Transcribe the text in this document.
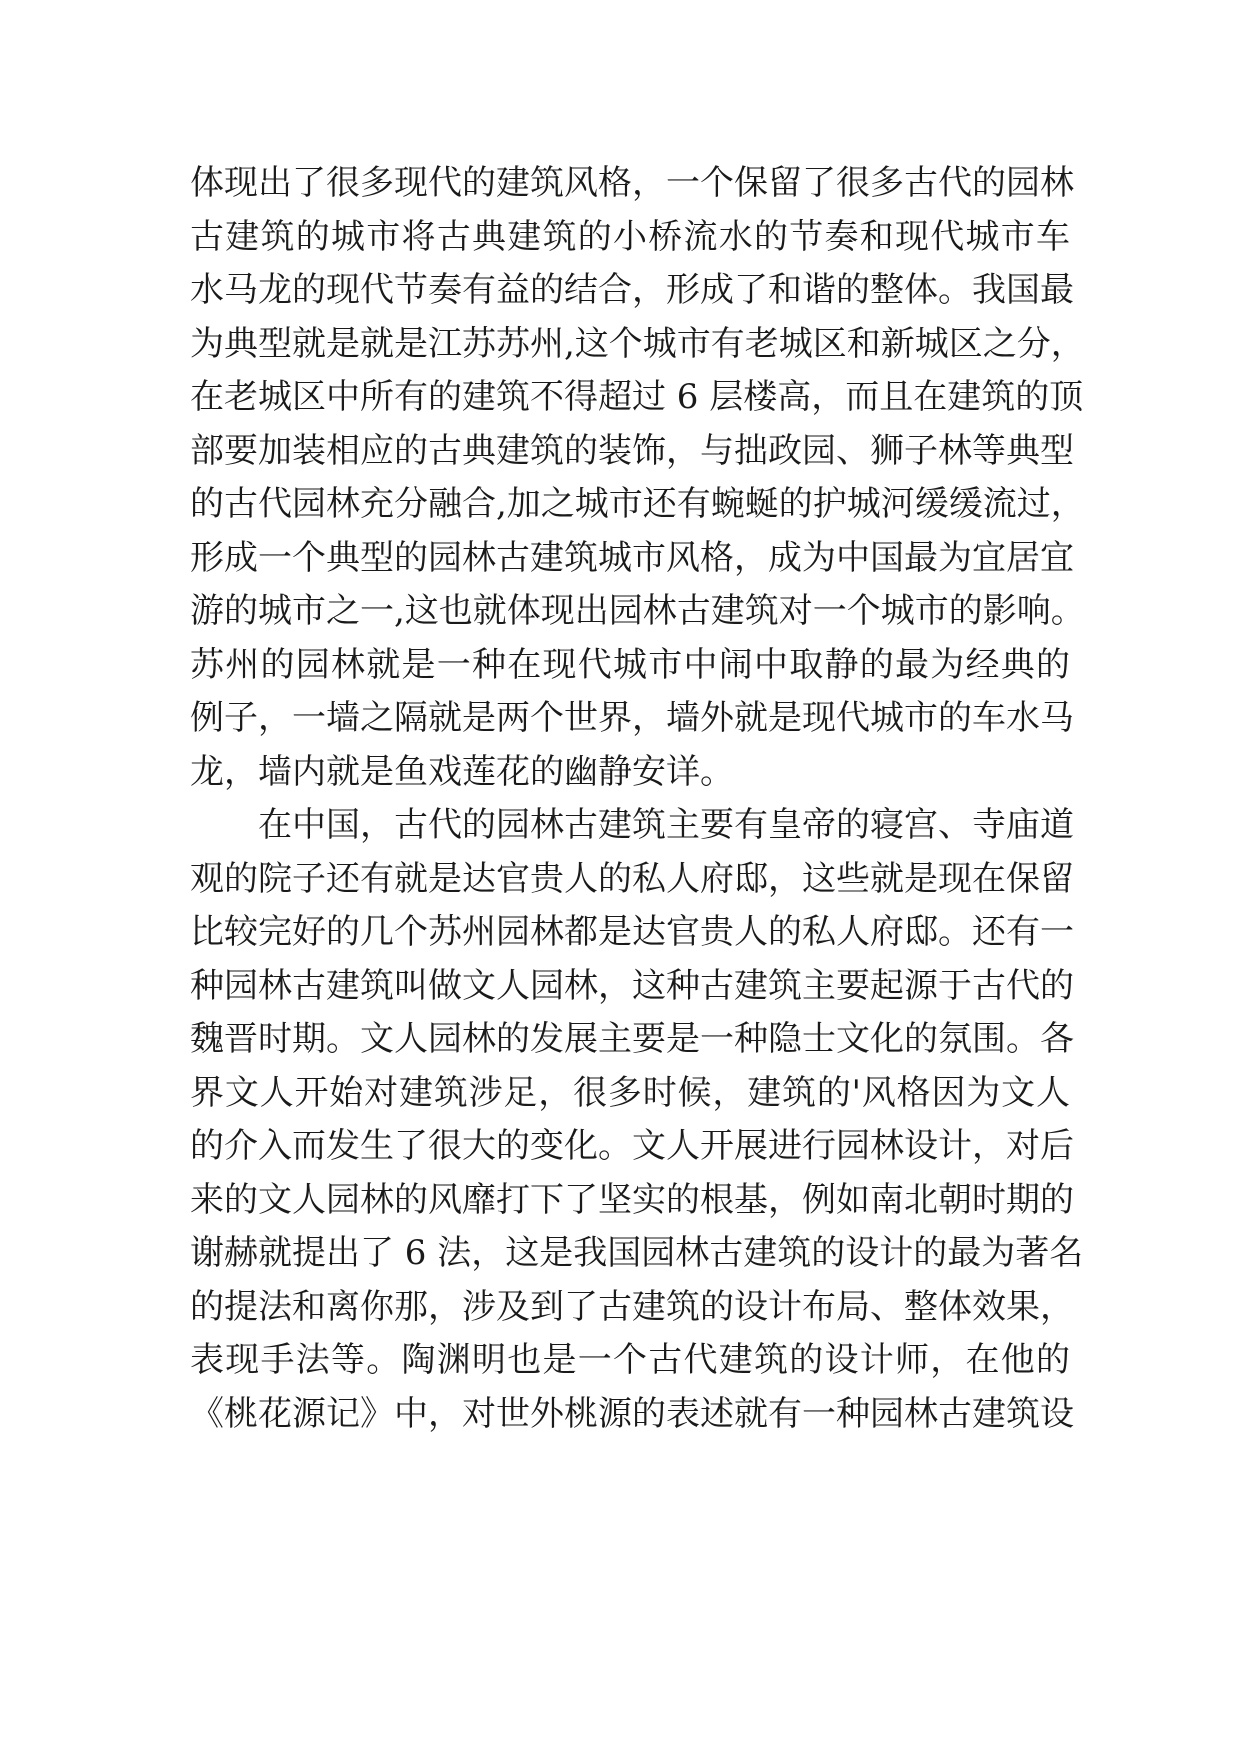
体现出了很多现代的建筑风格，一个保留了很多古代的园林
古建筑的城市将古典建筑的小桥流水的节奏和现代城市车
水马龙的现代节奏有益的结合，形成了和谐的整体。我国最
为典型就是就是江苏苏州,这个城市有老城区和新城区之分，
在老城区中所有的建筑不得超过 6 层楼高，而且在建筑的顶
部要加装相应的古典建筑的装饰，与拙政园、狮子林等典型
的古代园林充分融合,加之城市还有蜿蜒的护城河缓缓流过，
形成一个典型的园林古建筑城市风格，成为中国最为宜居宜
游的城市之一,这也就体现出园林古建筑对一个城市的影响。
苏州的园林就是一种在现代城市中闹中取静的最为经典的
例子，一墙之隔就是两个世界，墙外就是现代城市的车水马
龙，墙内就是鱼戏莲花的幽静安详。
在中国，古代的园林古建筑主要有皇帝的寝宫、寺庙道
观的院子还有就是达官贵人的私人府邸，这些就是现在保留
比较完好的几个苏州园林都是达官贵人的私人府邸。还有一
种园林古建筑叫做文人园林，这种古建筑主要起源于古代的
魏晋时期。文人园林的发展主要是一种隐士文化的氛围。各
界文人开始对建筑涉足，很多时候，建筑的'风格因为文人
的介入而发生了很大的变化。文人开展进行园林设计，对后
来的文人园林的风靡打下了坚实的根基，例如南北朝时期的
谢赫就提出了 6 法，这是我国园林古建筑的设计的最为著名
的提法和离你那，涉及到了古建筑的设计布局、整体效果，
表现手法等。陶渊明也是一个古代建筑的设计师，在他的
《桃花源记》中，对世外桃源的表述就有一种园林古建筑设
